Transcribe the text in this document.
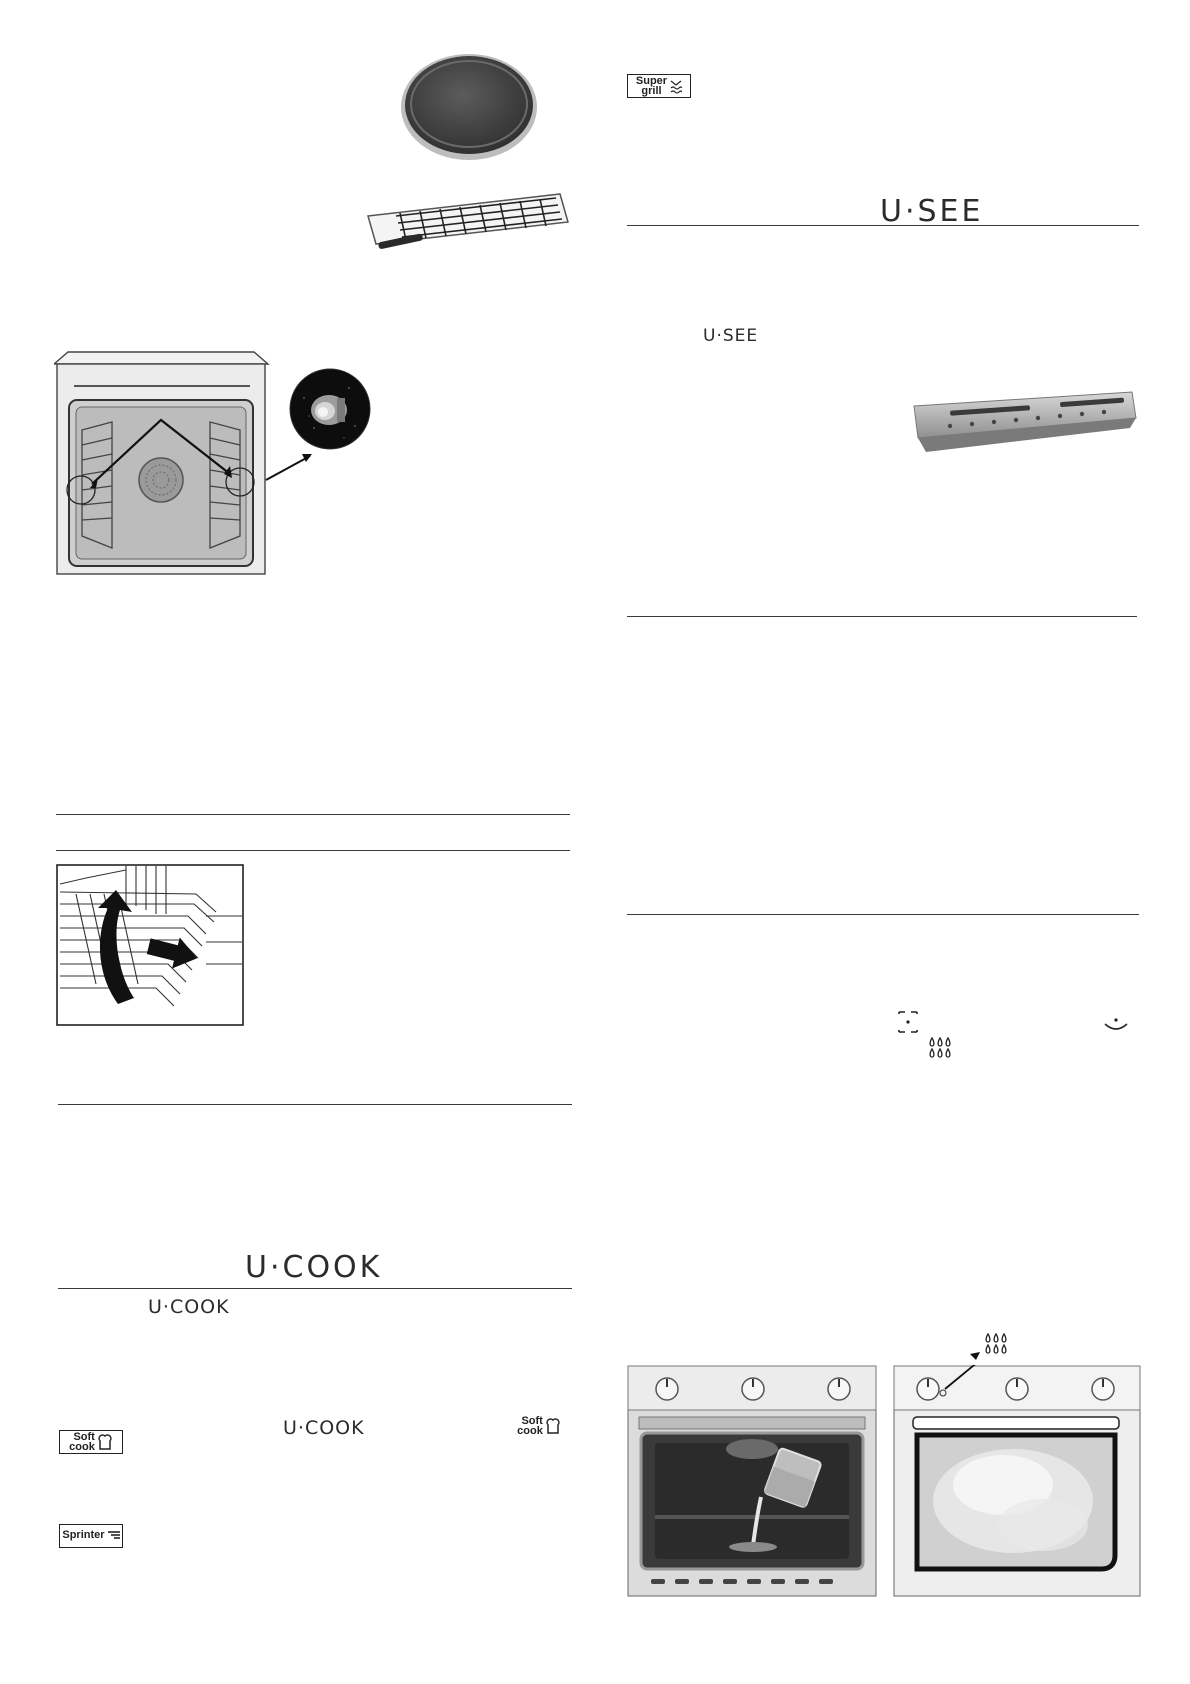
U·COOK
U·COOK
U·COOK	Soft
cook
Soft
cook
Sprinter
Super
grill
U·SEE
U·SEE
